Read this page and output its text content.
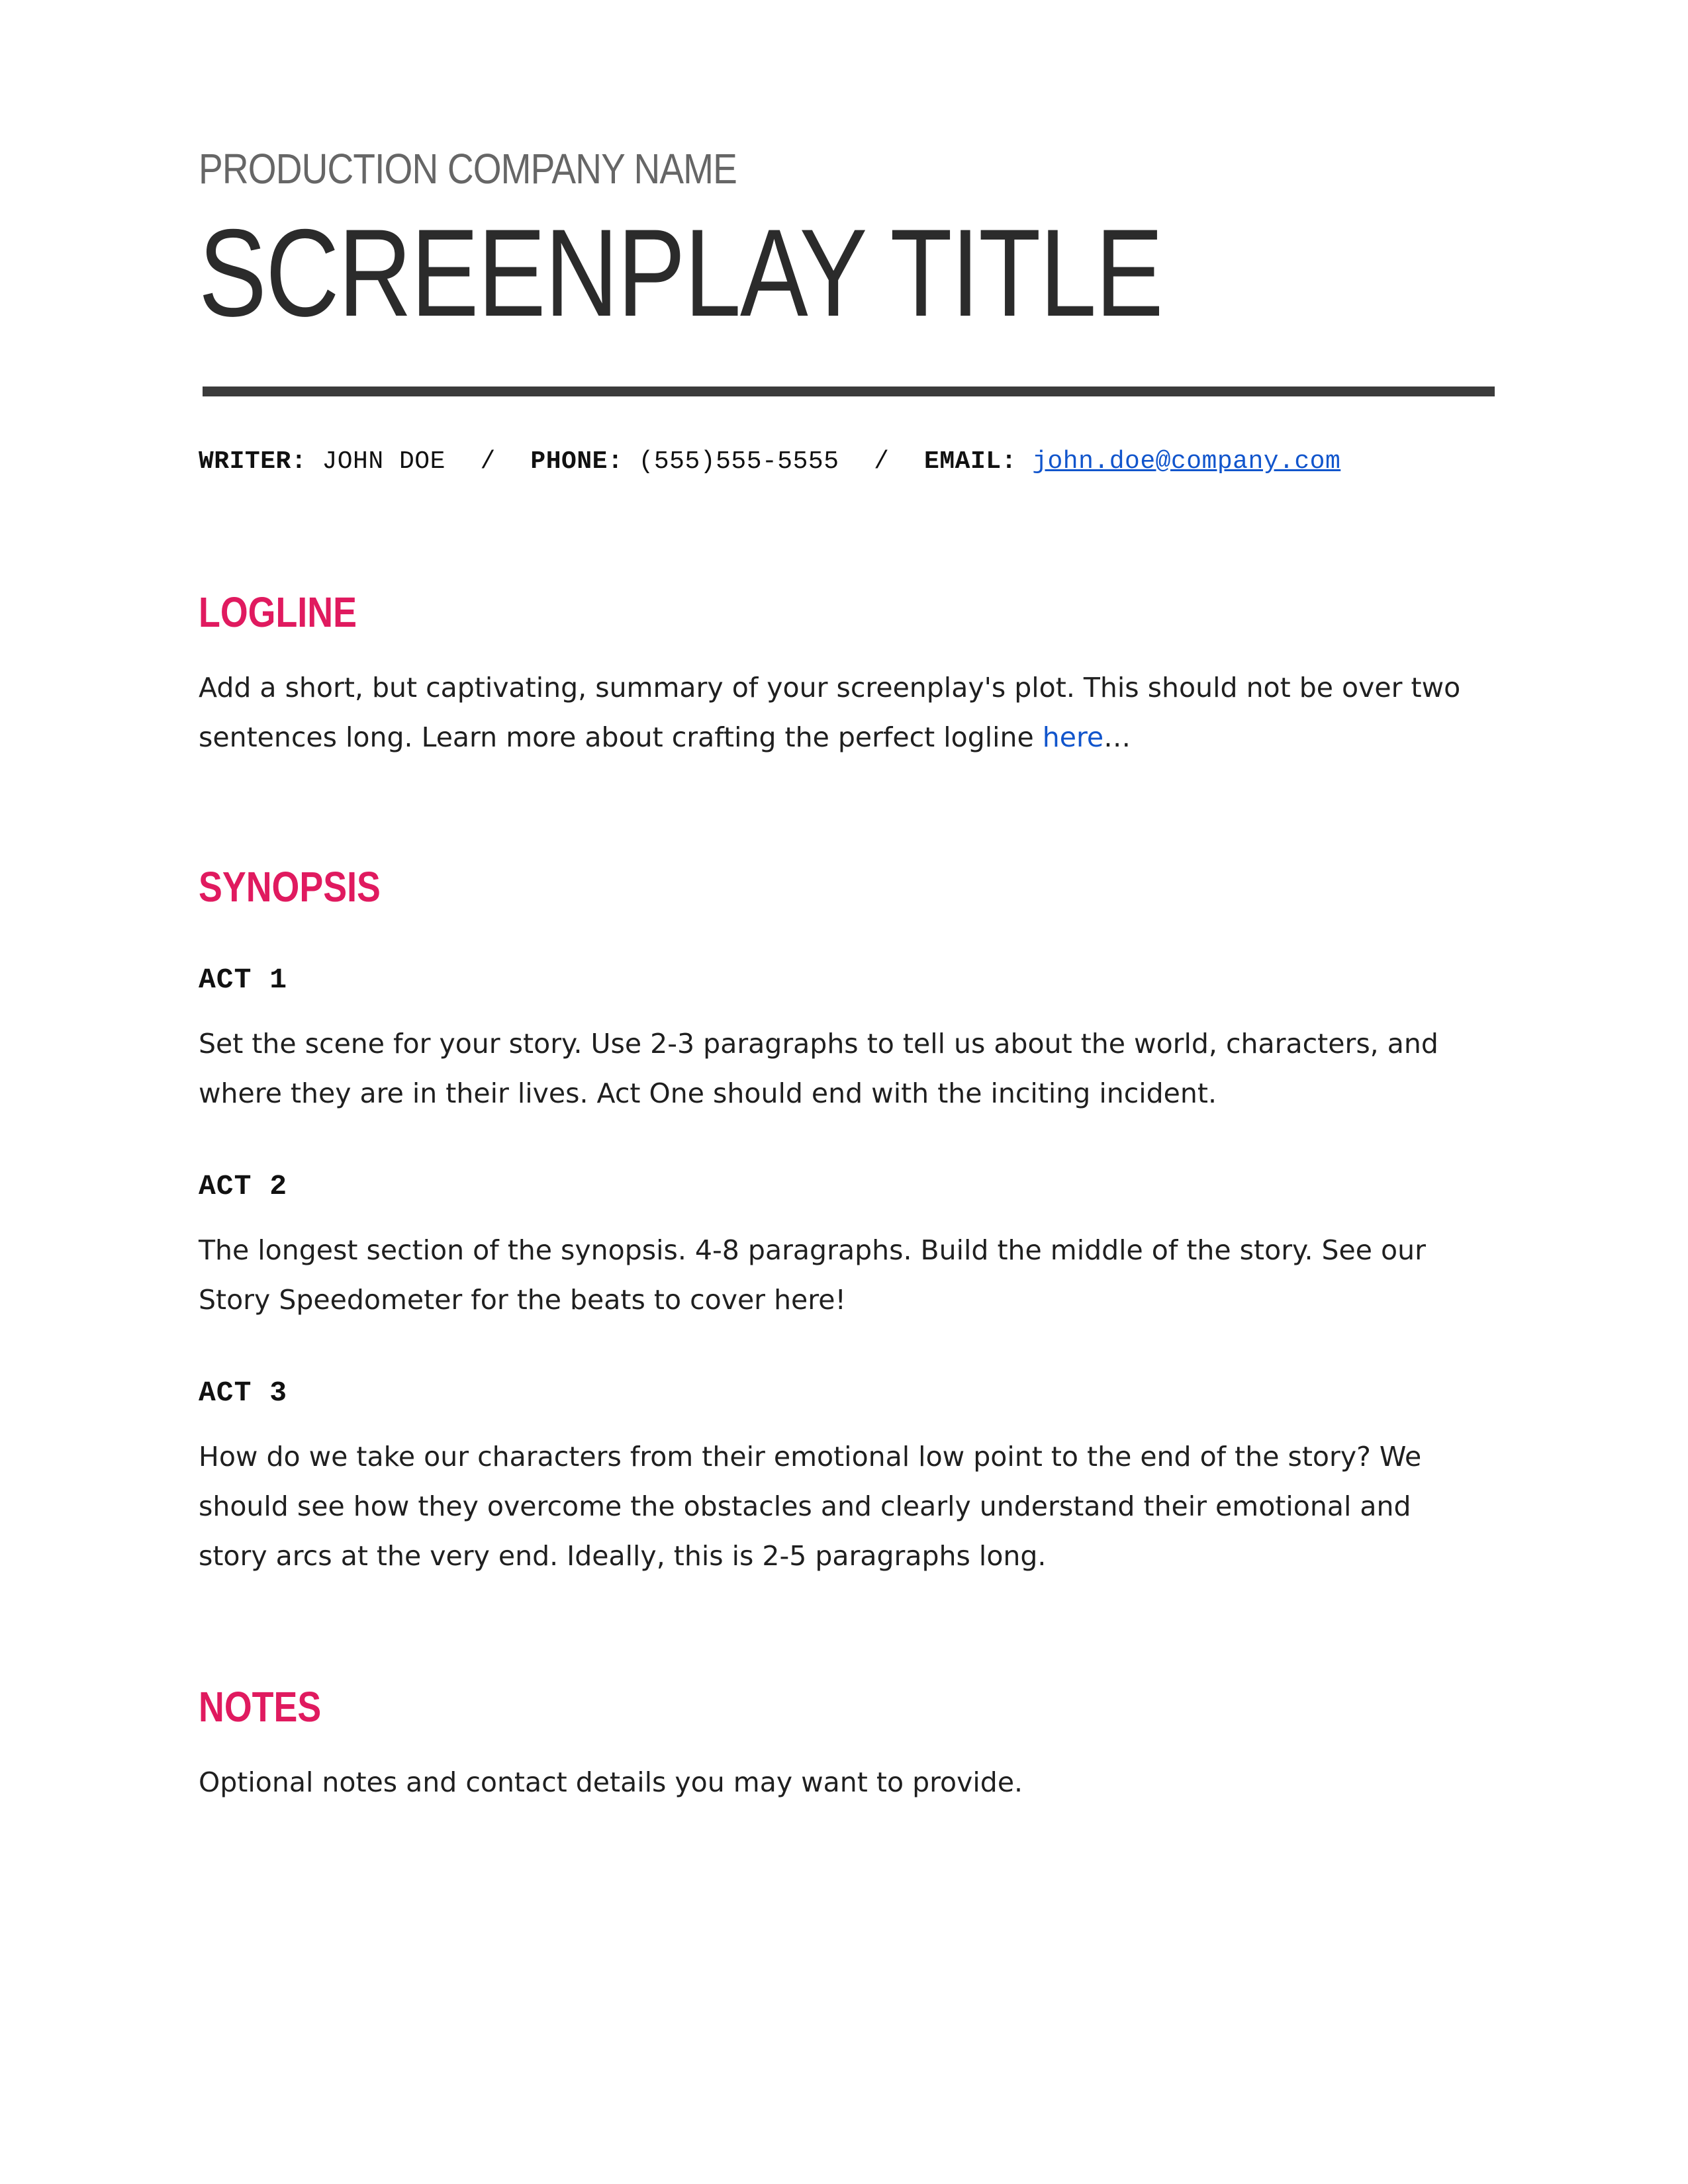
PRODUCTION COMPANY NAME
SCREENPLAY TITLE
WRITER: JOHN DOE / PHONE: (555)555-5555 / EMAIL: john.doe@company.com
LOGLINE
Add a short, but captivating, summary of your screenplay's plot. This should not be over two sentences long. Learn more about crafting the perfect logline here…
SYNOPSIS
ACT 1
Set the scene for your story. Use 2-3 paragraphs to tell us about the world, characters, and where they are in their lives. Act One should end with the inciting incident.
ACT 2
The longest section of the synopsis. 4-8 paragraphs. Build the middle of the story. See our Story Speedometer for the beats to cover here!
ACT 3
How do we take our characters from their emotional low point to the end of the story? We should see how they overcome the obstacles and clearly understand their emotional and story arcs at the very end. Ideally, this is 2-5 paragraphs long.
NOTES
Optional notes and contact details you may want to provide.
